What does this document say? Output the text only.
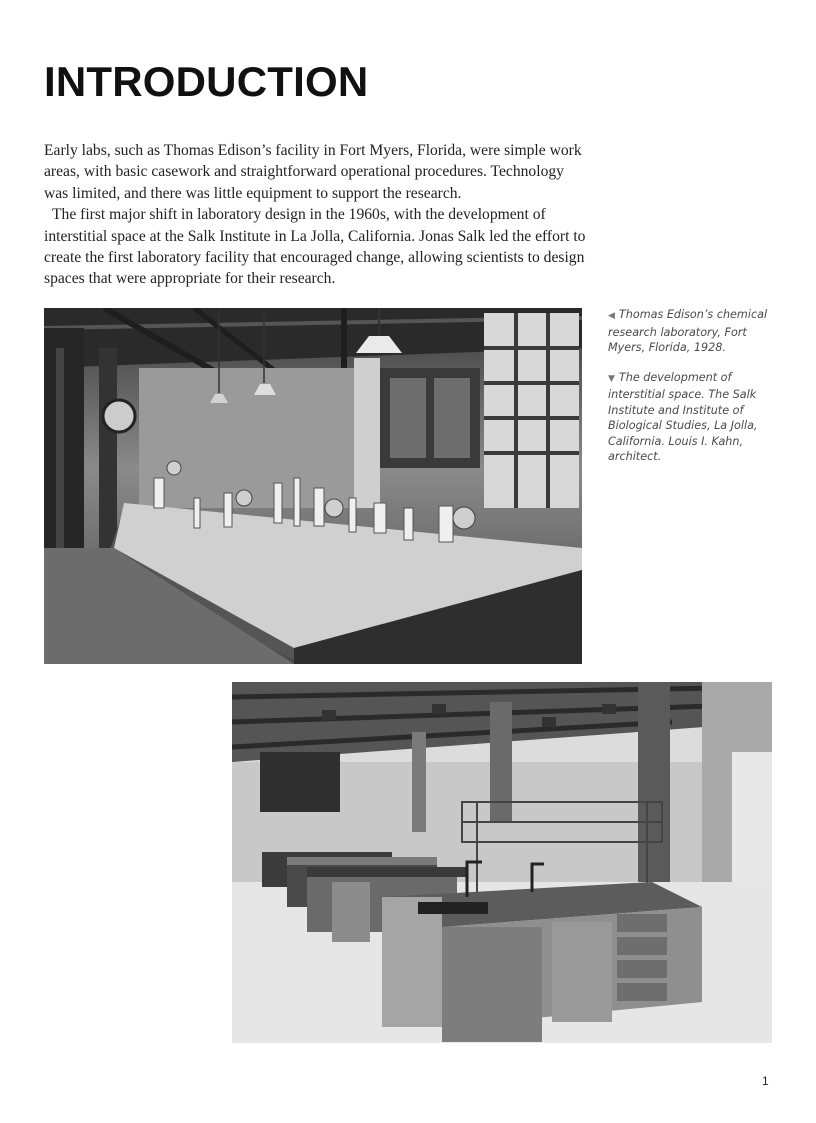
INTRODUCTION

Early labs, such as Thomas Edison’s facility in Fort Myers, Florida, were simple work areas, with basic casework and straightforward operational procedures. Technology was limited, and there was little equipment to support the research.

The first major shift in laboratory design in the 1960s, with the development of interstitial space at the Salk Institute in La Jolla, California. Jonas Salk led the effort to create the first laboratory facility that encouraged change, allowing scientists to design spaces that were appropriate for their research.

◀ Thomas Edison’s chemical research laboratory, Fort Myers, Florida, 1928.

▼ The development of interstitial space. The Salk Institute and Institute of Biological Studies, La Jolla, California. Louis I. Kahn, architect.

1
